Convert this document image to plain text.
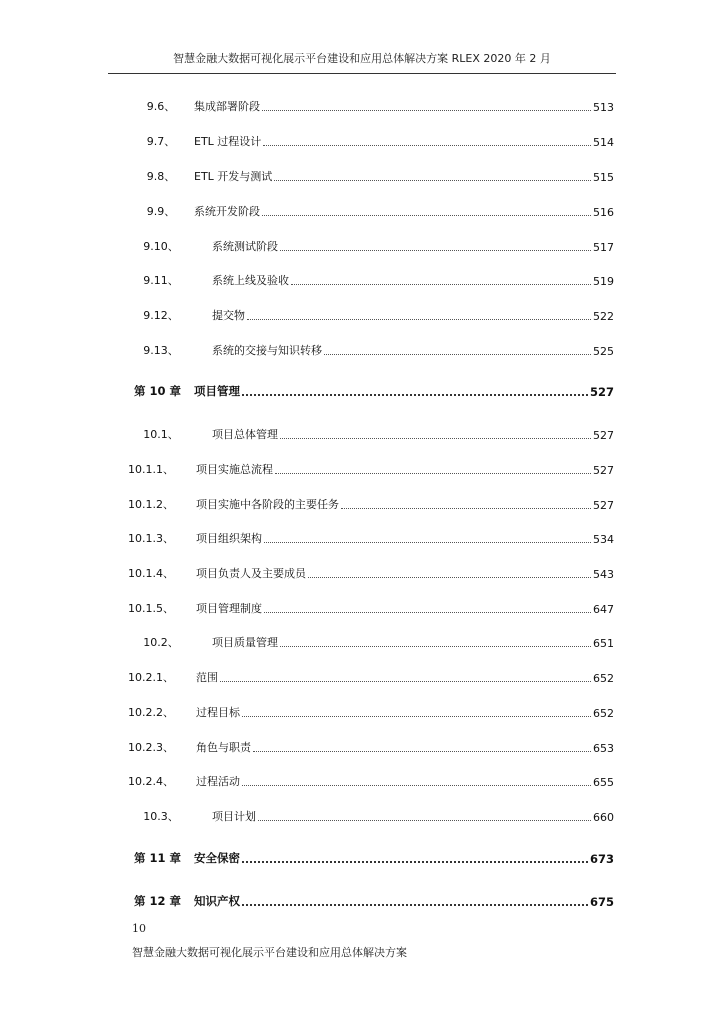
智慧金融大数据可视化展示平台建设和应用总体解决方案 RLEX 2020 年 2 月
9.6、	集成部署阶段	513
9.7、	ETL 过程设计	514
9.8、	ETL 开发与测试	515
9.9、	系统开发阶段	516
9.10、	系统测试阶段	517
9.11、	系统上线及验收	519
9.12、	提交物	522
9.13、	系统的交接与知识转移	525
第 10 章	项目管理	527
10.1、	项目总体管理	527
10.1.1、	项目实施总流程	527
10.1.2、	项目实施中各阶段的主要任务	527
10.1.3、	项目组织架构	534
10.1.4、	项目负责人及主要成员	543
10.1.5、	项目管理制度	647
10.2、	项目质量管理	651
10.2.1、	范围	652
10.2.2、	过程目标	652
10.2.3、	角色与职责	653
10.2.4、	过程活动	655
10.3、	项目计划	660
第 11 章	安全保密	673
第 12 章	知识产权	675
10
智慧金融大数据可视化展示平台建设和应用总体解决方案
